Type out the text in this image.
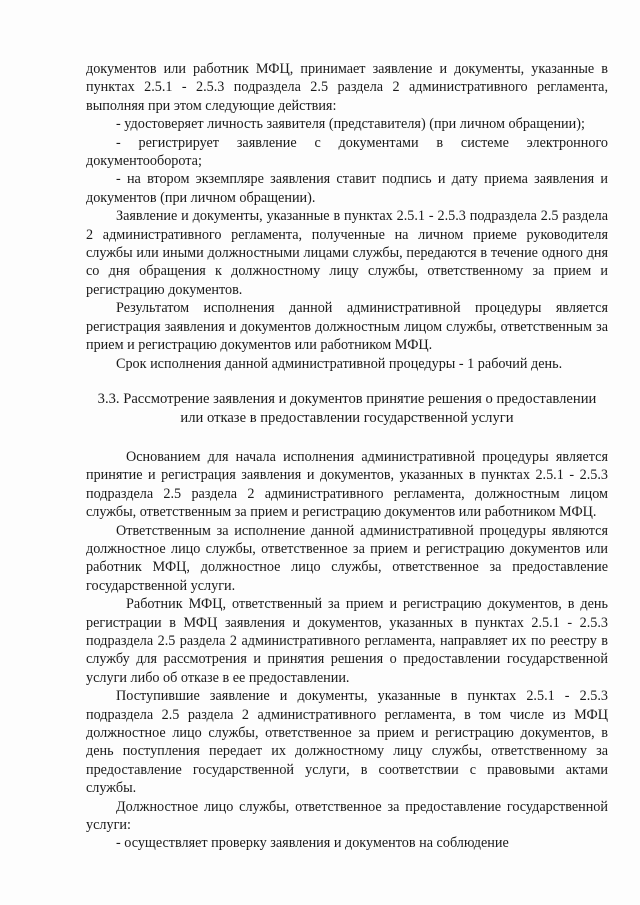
документов или работник МФЦ, принимает заявление и документы, указанные в пунктах 2.5.1 - 2.5.3 подраздела 2.5 раздела 2 административного регламента, выполняя при этом следующие действия:

- удостоверяет личность заявителя (представителя) (при личном обращении);

- регистрирует заявление с документами в системе электронного документооборота;

- на втором экземпляре заявления ставит подпись и дату приема заявления и документов (при личном обращении).

Заявление и документы, указанные в пунктах 2.5.1 - 2.5.3 подраздела 2.5 раздела 2 административного регламента, полученные на личном приеме руководителя службы или иными должностными лицами службы, передаются в течение одного дня со дня обращения к должностному лицу службы, ответственному за прием и регистрацию документов.

Результатом исполнения данной административной процедуры является регистрация заявления и документов должностным лицом службы, ответственным за прием и регистрацию документов или работником МФЦ.

Срок исполнения данной административной процедуры - 1 рабочий день.

3.3. Рассмотрение заявления и документов принятие решения о предоставлении или отказе в предоставлении государственной услуги

Основанием для начала исполнения административной процедуры является принятие и регистрация заявления и документов, указанных в пунктах 2.5.1 - 2.5.3 подраздела 2.5 раздела 2 административного регламента, должностным лицом службы, ответственным за прием и регистрацию документов или работником МФЦ.

Ответственным за исполнение данной административной процедуры являются должностное лицо службы, ответственное за прием и регистрацию документов или работник МФЦ, должностное лицо службы, ответственное за предоставление государственной услуги.

Работник МФЦ, ответственный за прием и регистрацию документов, в день регистрации в МФЦ заявления и документов, указанных в пунктах 2.5.1 - 2.5.3 подраздела 2.5 раздела 2 административного регламента, направляет их по реестру в службу для рассмотрения и принятия решения о предоставлении государственной услуги либо об отказе в ее предоставлении.

Поступившие заявление и документы, указанные в пунктах 2.5.1 - 2.5.3 подраздела 2.5 раздела 2 административного регламента, в том числе из МФЦ должностное лицо службы, ответственное за прием и регистрацию документов, в день поступления передает их должностному лицу службы, ответственному за предоставление государственной услуги, в соответствии с правовыми актами службы.

Должностное лицо службы, ответственное за предоставление государственной услуги:

- осуществляет проверку заявления и документов на соблюдение
